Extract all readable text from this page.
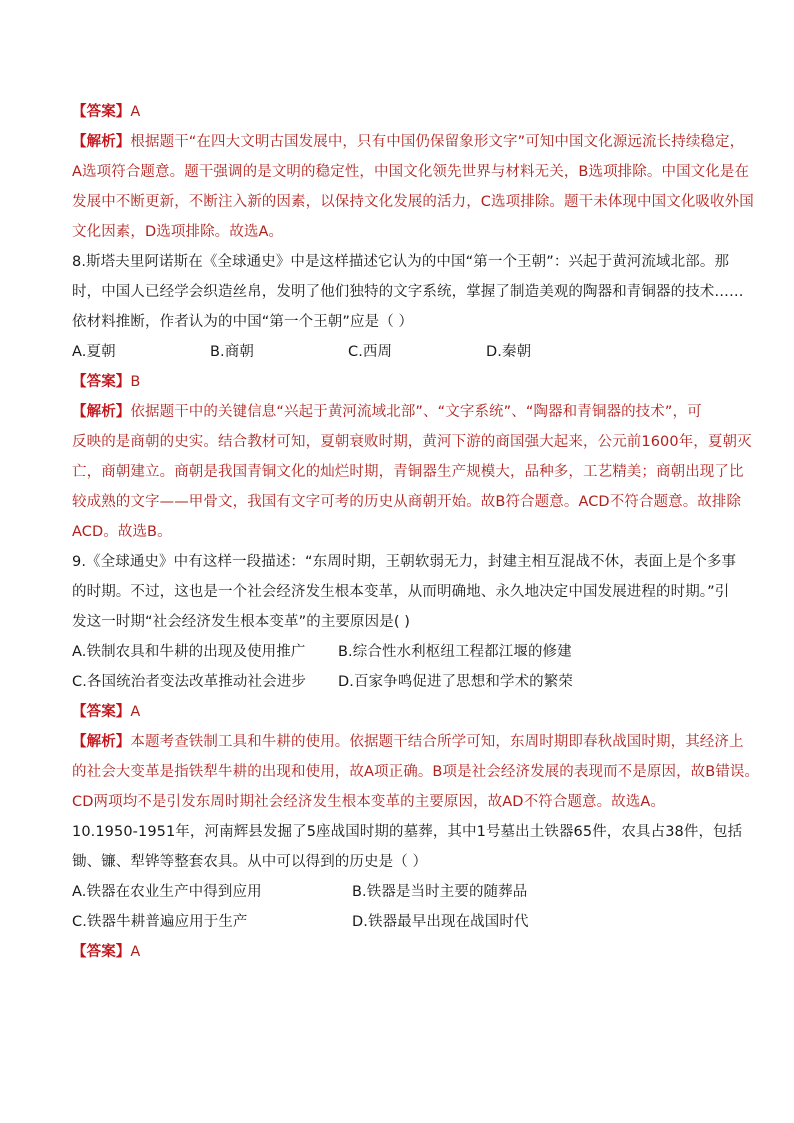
【答案】A
【解析】根据题干“在四大文明古国发展中，只有中国仍保留象形文字”可知中国文化源远流长持续稳定，
A选项符合题意。题干强调的是文明的稳定性，中国文化领先世界与材料无关，B选项排除。中国文化是在
发展中不断更新，不断注入新的因素，以保持文化发展的活力，C选项排除。题干未体现中国文化吸收外国
文化因素，D选项排除。故选A。
8.斯塔夫里阿诺斯在《全球通史》中是这样描述它认为的中国“第一个王朝”：兴起于黄河流域北部。那
时，中国人已经学会织造丝帛，发明了他们独特的文字系统，掌握了制造美观的陶器和青铜器的技术……
依材料推断，作者认为的中国“第一个王朝”应是（ ）
A.夏朝	B.商朝	C.西周	D.秦朝
【答案】B
【解析】依据题干中的关键信息“兴起于黄河流域北部”、“文字系统”、“陶器和青铜器的技术”，可
反映的是商朝的史实。结合教材可知，夏朝衰败时期，黄河下游的商国强大起来，公元前1600年，夏朝灭
亡，商朝建立。商朝是我国青铜文化的灿烂时期，青铜器生产规模大，品种多，工艺精美；商朝出现了比
较成熟的文字——甲骨文，我国有文字可考的历史从商朝开始。故B符合题意。ACD不符合题意。故排除
ACD。故选B。
9.《全球通史》中有这样一段描述：“东周时期，王朝软弱无力，封建主相互混战不休，表面上是个多事
的时期。不过，这也是一个社会经济发生根本变革，从而明确地、永久地决定中国发展进程的时期。”引
发这一时期“社会经济发生根本变革”的主要原因是( )
A.铁制农具和牛耕的出现及使用推广	B.综合性水利枢纽工程都江堰的修建
C.各国统治者变法改革推动社会进步	D.百家争鸣促进了思想和学术的繁荣
【答案】A
【解析】本题考查铁制工具和牛耕的使用。依据题干结合所学可知，东周时期即春秋战国时期，其经济上
的社会大变革是指铁犁牛耕的出现和使用，故A项正确。B项是社会经济发展的表现而不是原因，故B错误。
CD两项均不是引发东周时期社会经济发生根本变革的主要原因，故AD不符合题意。故选A。
10.1950-1951年，河南辉县发掘了5座战国时期的墓葬，其中1号墓出土铁器65件，农具占38件，包括
锄、镰、犁铧等整套农具。从中可以得到的历史是（ ）
A.铁器在农业生产中得到应用	B.铁器是当时主要的随葬品
C.铁器牛耕普遍应用于生产	D.铁器最早出现在战国时代
【答案】A
